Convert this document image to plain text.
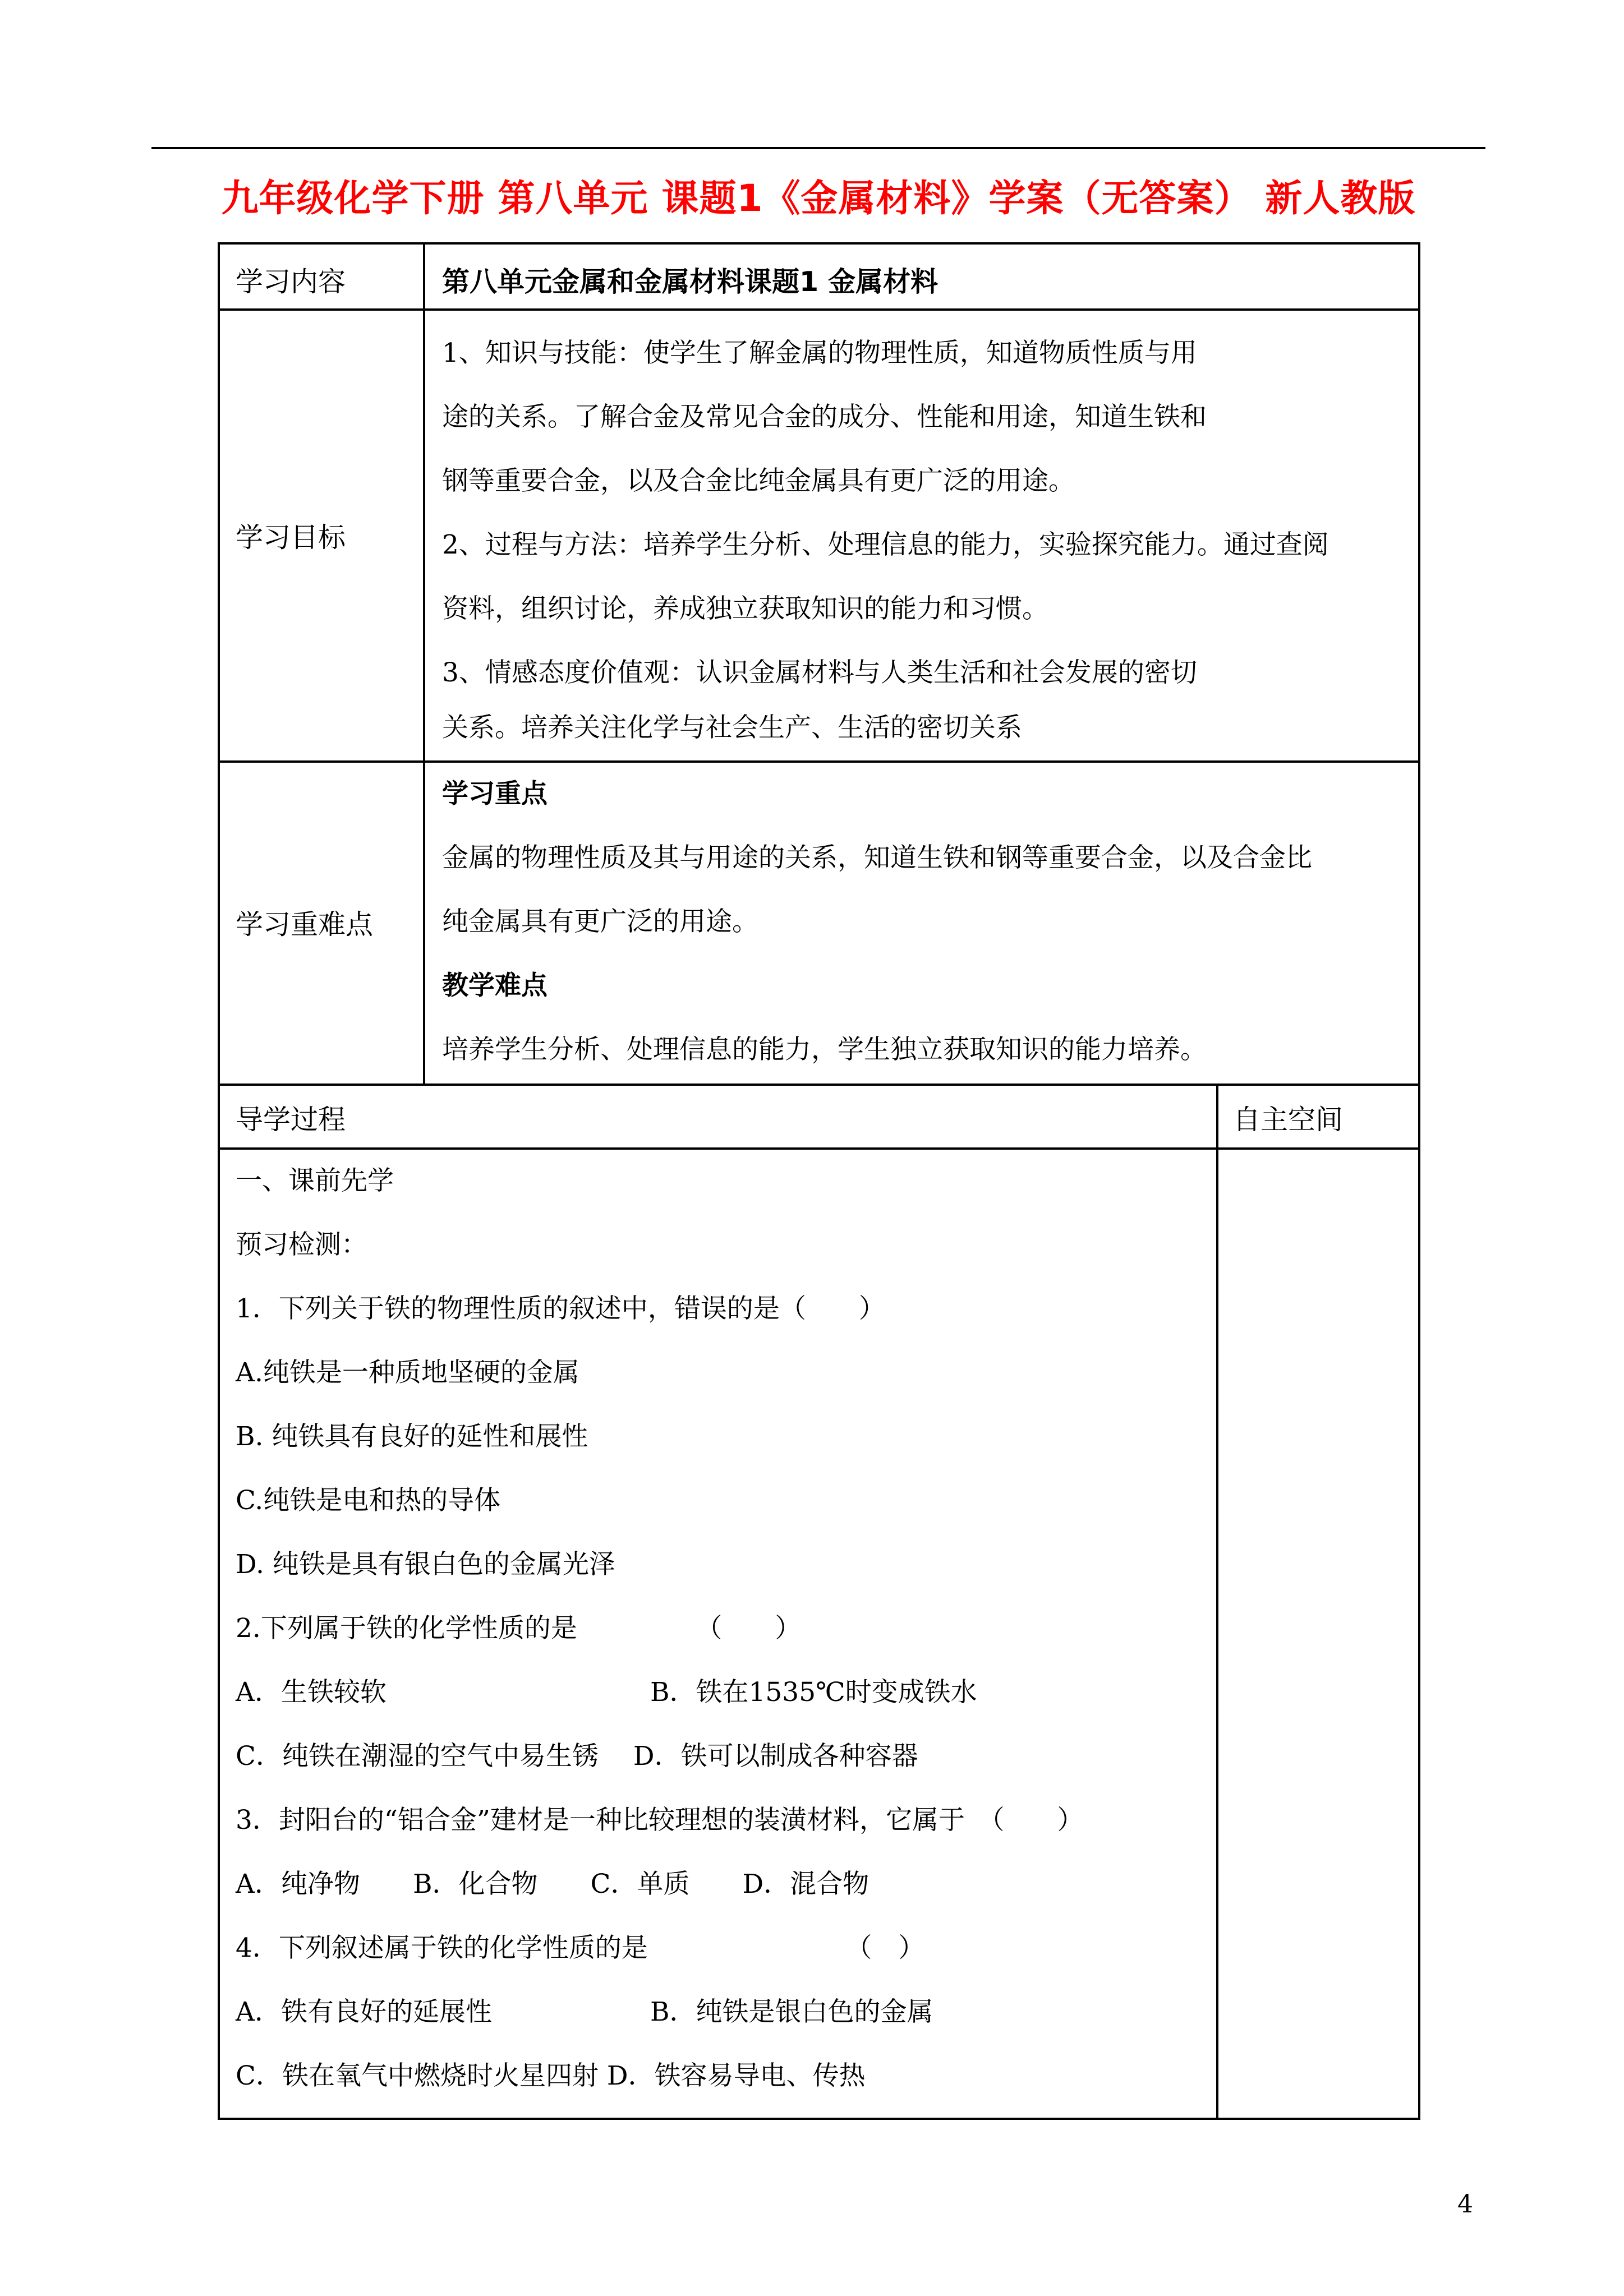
九年级化学下册 第八单元 课题1《金属材料》学案（无答案） 新人教版
学习内容	第八单元金属和金属材料课题1 金属材料
学习目标
1、知识与技能：使学生了解金属的物理性质，知道物质性质与用
途的关系。了解合金及常见合金的成分、性能和用途，知道生铁和
钢等重要合金，以及合金比纯金属具有更广泛的用途。
2、过程与方法：培养学生分析、处理信息的能力，实验探究能力。通过查阅
资料，组织讨论，养成独立获取知识的能力和习惯。
3、情感态度价值观：认识金属材料与人类生活和社会发展的密切
关系。培养关注化学与社会生产、生活的密切关系
学习重难点
学习重点
金属的物理性质及其与用途的关系，知道生铁和钢等重要合金，以及合金比
纯金属具有更广泛的用途。
教学难点
培养学生分析、处理信息的能力，学生独立获取知识的能力培养。
导学过程	自主空间
一、课前先学
预习检测：
1．下列关于铁的物理性质的叙述中，错误的是（　　）
A.纯铁是一种质地坚硬的金属
B. 纯铁具有良好的延性和展性
C.纯铁是电和热的导体
D. 纯铁是具有银白色的金属光泽
2.下列属于铁的化学性质的是　　　　　（　　）
A．生铁较软　　　　　　　　　　B．铁在1535℃时变成铁水
C．纯铁在潮湿的空气中易生锈　 D．铁可以制成各种容器
3．封阳台的“铝合金”建材是一种比较理想的装潢材料，它属于　（　　）
A．纯净物　　B．化合物　　C．单质　　D．混合物
4．下列叙述属于铁的化学性质的是　　　　　　　　（　）
A．铁有良好的延展性　　　　　　B．纯铁是银白色的金属
C．铁在氧气中燃烧时火星四射 D．铁容易导电、传热
4
